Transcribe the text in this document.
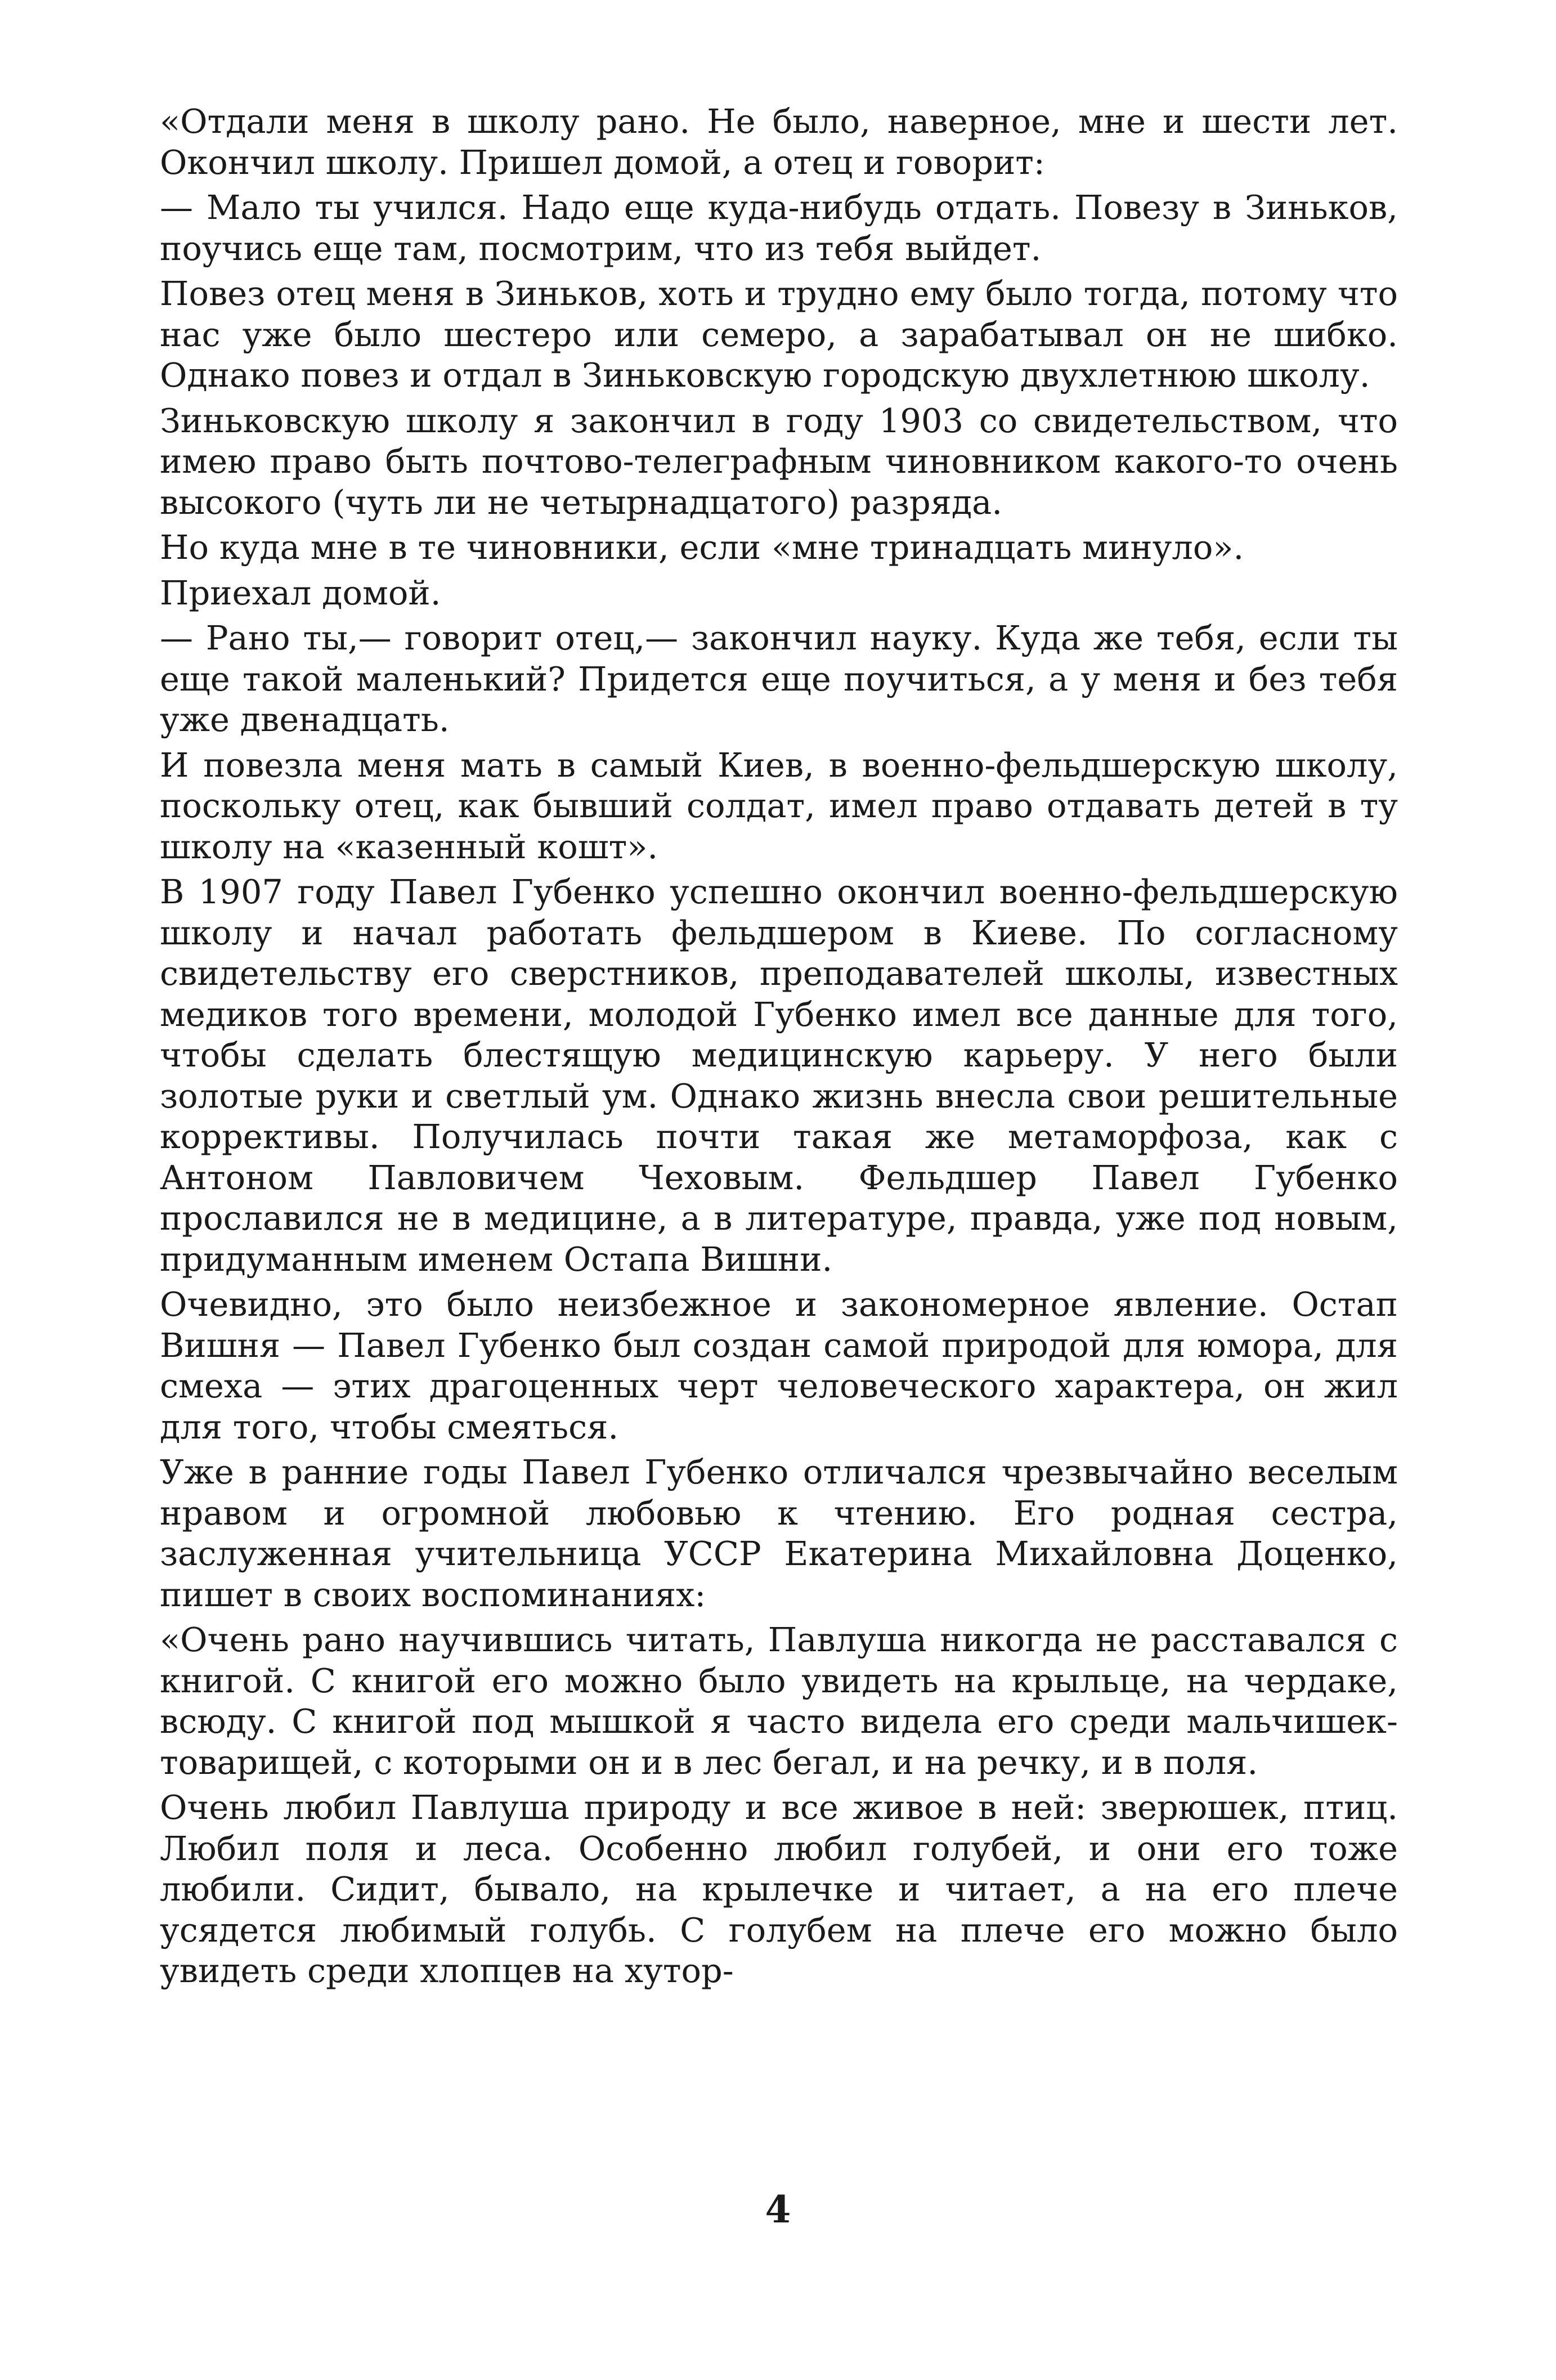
«Отдали меня в школу рано. Не было, наверное, мне и шести лет. Окончил школу. Пришел домой, а отец и говорит:

— Мало ты учился. Надо еще куда-нибудь отдать. Повезу в Зиньков, поучись еще там, посмотрим, что из тебя выйдет.

Повез отец меня в Зиньков, хоть и трудно ему было тогда, потому что нас уже было шестеро или семеро, а зарабатывал он не шибко. Однако повез и отдал в Зиньковскую городскую двухлетнюю школу.

Зиньковскую школу я закончил в году 1903 со свидетельством, что имею право быть почтово-телеграфным чиновником какого-то очень высокого (чуть ли не четырнадцатого) разряда.

Но куда мне в те чиновники, если «мне тринадцать минуло».

Приехал домой.

— Рано ты,— говорит отец,— закончил науку. Куда же тебя, если ты еще такой маленький? Придется еще поучиться, а у меня и без тебя уже двенадцать.

И повезла меня мать в самый Киев, в военно-фельдшерскую школу, поскольку отец, как бывший солдат, имел право отдавать детей в ту школу на «казенный кошт».

В 1907 году Павел Губенко успешно окончил военно-фельдшерскую школу и начал работать фельдшером в Киеве. По согласному свидетельству его сверстников, преподавателей школы, известных медиков того времени, молодой Губенко имел все данные для того, чтобы сделать блестящую медицинскую карьеру. У него были золотые руки и светлый ум. Однако жизнь внесла свои решительные коррективы. Получилась почти такая же метаморфоза, как с Антоном Павловичем Чеховым. Фельдшер Павел Губенко прославился не в медицине, а в литературе, правда, уже под новым, придуманным именем Остапа Вишни.

Очевидно, это было неизбежное и закономерное явление. Остап Вишня — Павел Губенко был создан самой природой для юмора, для смеха — этих драгоценных черт человеческого характера, он жил для того, чтобы смеяться.

Уже в ранние годы Павел Губенко отличался чрезвычайно веселым нравом и огромной любовью к чтению. Его родная сестра, заслуженная учительница УССР Екатерина Михайловна Доценко, пишет в своих воспоминаниях:

«Очень рано научившись читать, Павлуша никогда не расставался с книгой. С книгой его можно было увидеть на крыльце, на чердаке, всюду. С книгой под мышкой я часто видела его среди мальчишек-товарищей, с которыми он и в лес бегал, и на речку, и в поля.

Очень любил Павлуша природу и все живое в ней: зверюшек, птиц. Любил поля и леса. Особенно любил голубей, и они его тоже любили. Сидит, бывало, на крылечке и читает, а на его плече усядется любимый голубь. С голубем на плече его можно было увидеть среди хлопцев на хутор-

4
